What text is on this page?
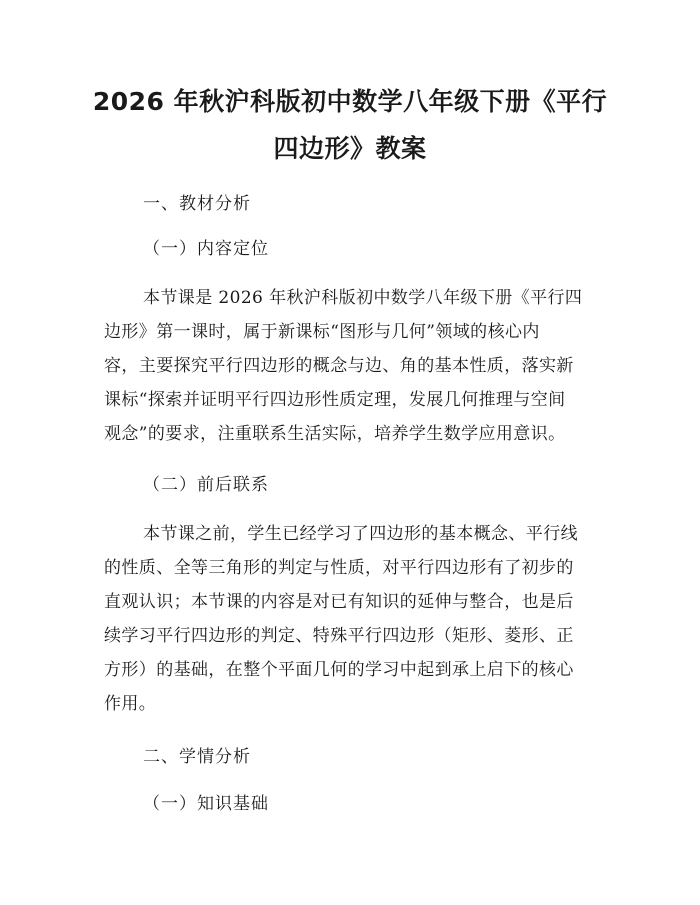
2026 年秋沪科版初中数学八年级下册《平行
四边形》教案
一、教材分析
（一）内容定位
本节课是 2026 年秋沪科版初中数学八年级下册《平行四
边形》第一课时，属于新课标“图形与几何”领域的核心内
容，主要探究平行四边形的概念与边、角的基本性质，落实新
课标“探索并证明平行四边形性质定理，发展几何推理与空间
观念”的要求，注重联系生活实际，培养学生数学应用意识。
（二）前后联系
本节课之前，学生已经学习了四边形的基本概念、平行线
的性质、全等三角形的判定与性质，对平行四边形有了初步的
直观认识；本节课的内容是对已有知识的延伸与整合，也是后
续学习平行四边形的判定、特殊平行四边形（矩形、菱形、正
方形）的基础，在整个平面几何的学习中起到承上启下的核心
作用。
二、学情分析
（一）知识基础
